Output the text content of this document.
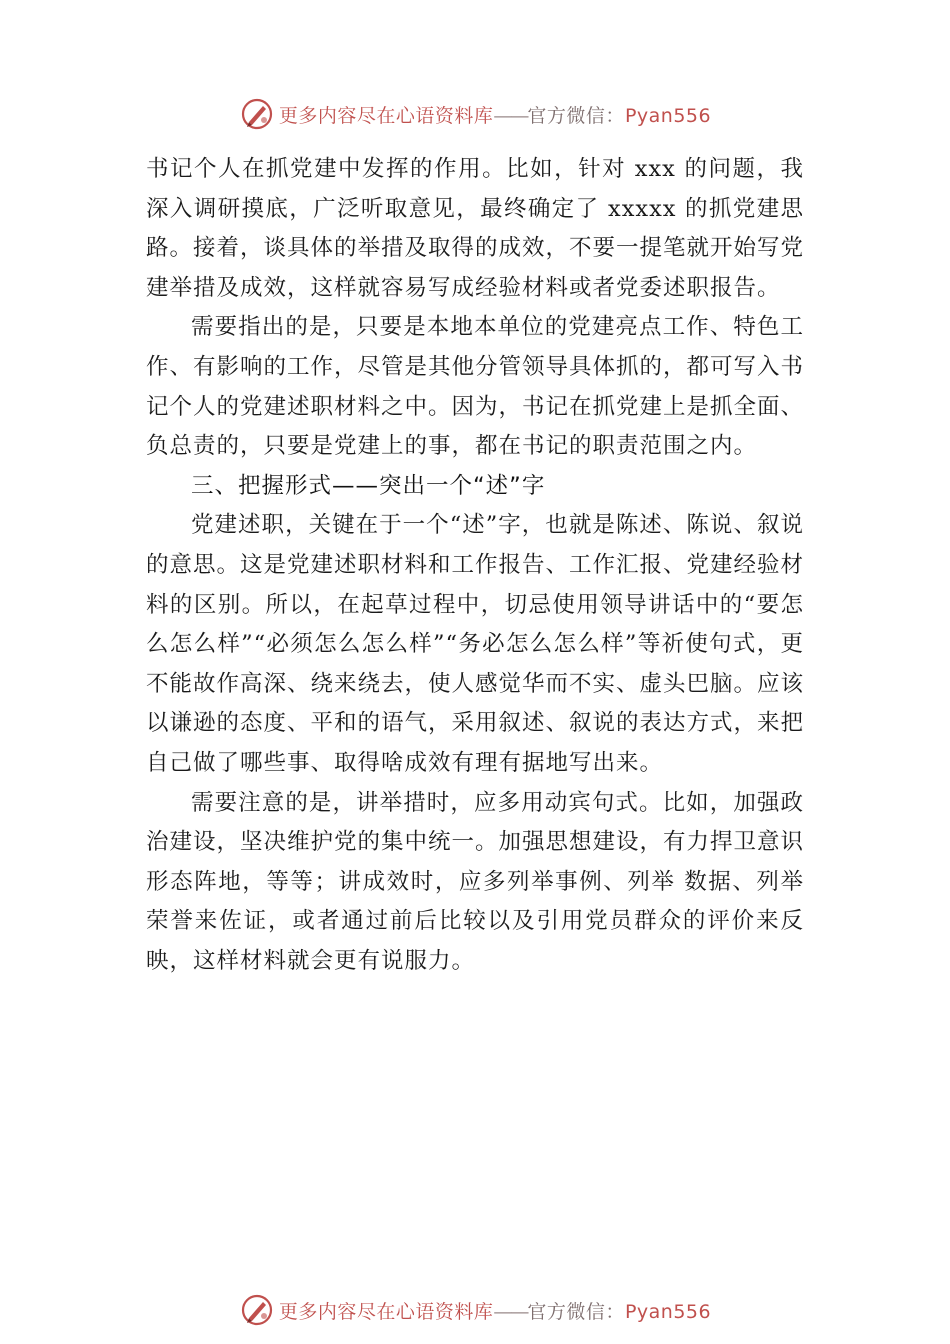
更多内容尽在心语资料库——官方微信：Pyan556

书记个人在抓党建中发挥的作用。比如，针对 xxx 的问题，我深入调研摸底，广泛听取意见，最终确定了 xxxxx 的抓党建思路。接着，谈具体的举措及取得的成效，不要一提笔就开始写党建举措及成效，这样就容易写成经验材料或者党委述职报告。

需要指出的是，只要是本地本单位的党建亮点工作、特色工作、有影响的工作，尽管是其他分管领导具体抓的，都可写入书记个人的党建述职材料之中。因为，书记在抓党建上是抓全面、负总责的，只要是党建上的事，都在书记的职责范围之内。

三、把握形式——突出一个“述”字

党建述职，关键在于一个“述”字，也就是陈述、陈说、叙说的意思。这是党建述职材料和工作报告、工作汇报、党建经验材料的区别。所以，在起草过程中，切忌使用领导讲话中的“要怎么怎么样”“必须怎么怎么样”“务必怎么怎么样”等祈使句式，更不能故作高深、绕来绕去，使人感觉华而不实、虚头巴脑。应该以谦逊的态度、平和的语气，采用叙述、叙说的表达方式，来把自己做了哪些事、取得啥成效有理有据地写出来。

需要注意的是，讲举措时，应多用动宾句式。比如，加强政治建设，坚决维护党的集中统一。加强思想建设，有力捍卫意识形态阵地，等等；讲成效时，应多列举事例、列举 数据、列举荣誉来佐证，或者通过前后比较以及引用党员群众的评价来反映，这样材料就会更有说服力。

更多内容尽在心语资料库——官方微信：Pyan556
